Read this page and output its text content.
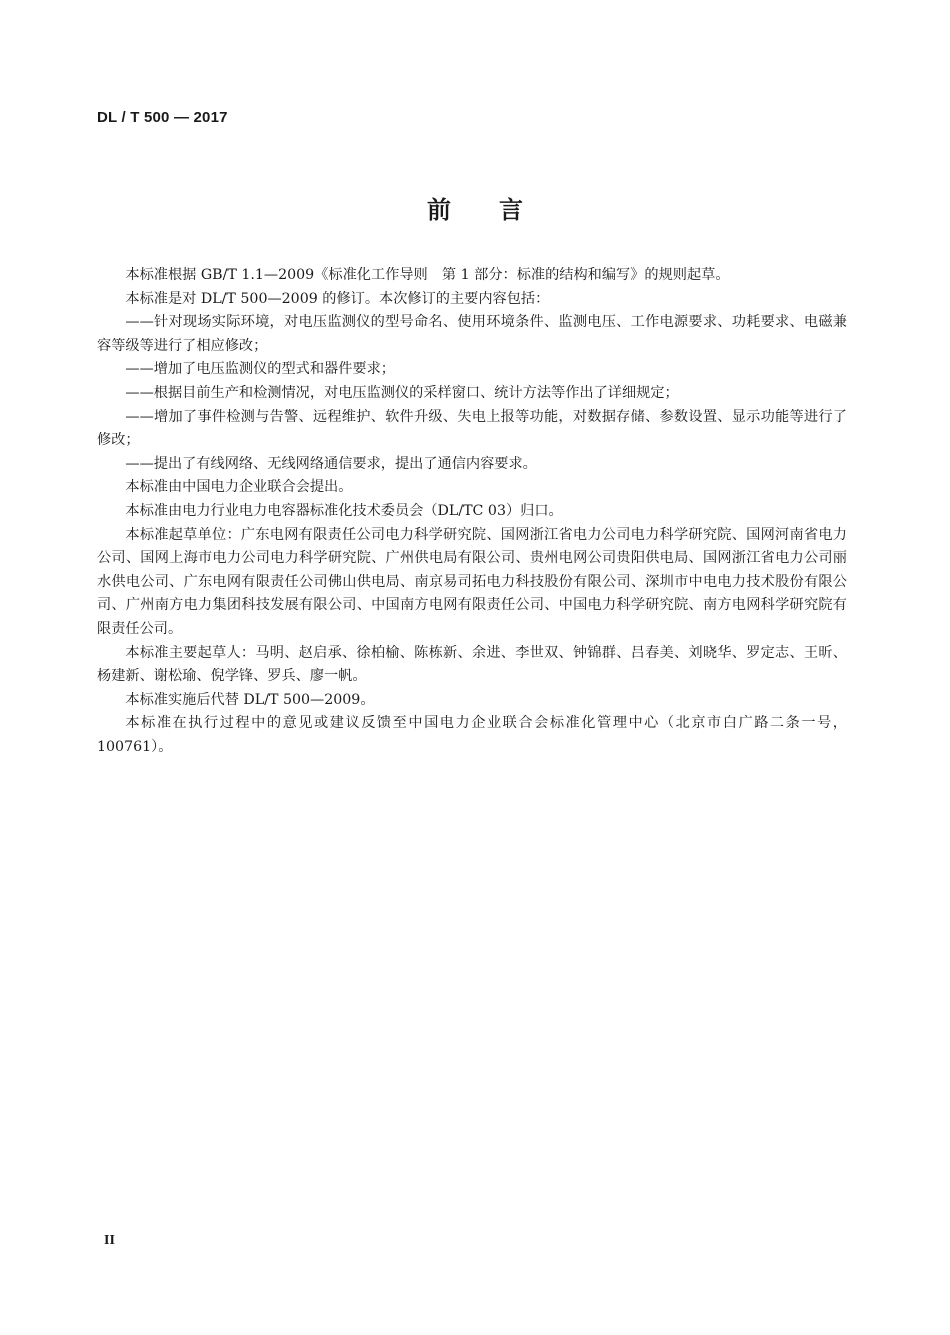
DL / T 500 — 2017
前言

本标准根据 GB/T 1.1—2009《标准化工作导则　第 1 部分：标准的结构和编写》的规则起草。

本标准是对 DL/T 500—2009 的修订。本次修订的主要内容包括：

——针对现场实际环境，对电压监测仪的型号命名、使用环境条件、监测电压、工作电源要求、功耗要求、电磁兼容等级等进行了相应修改；

——增加了电压监测仪的型式和器件要求；

——根据目前生产和检测情况，对电压监测仪的采样窗口、统计方法等作出了详细规定；

——增加了事件检测与告警、远程维护、软件升级、失电上报等功能，对数据存储、参数设置、显示功能等进行了修改；

——提出了有线网络、无线网络通信要求，提出了通信内容要求。

本标准由中国电力企业联合会提出。

本标准由电力行业电力电容器标准化技术委员会（DL/TC 03）归口。

本标准起草单位：广东电网有限责任公司电力科学研究院、国网浙江省电力公司电力科学研究院、国网河南省电力公司、国网上海市电力公司电力科学研究院、广州供电局有限公司、贵州电网公司贵阳供电局、国网浙江省电力公司丽水供电公司、广东电网有限责任公司佛山供电局、南京易司拓电力科技股份有限公司、深圳市中电电力技术股份有限公司、广州南方电力集团科技发展有限公司、中国南方电网有限责任公司、中国电力科学研究院、南方电网科学研究院有限责任公司。

本标准主要起草人：马明、赵启承、徐柏榆、陈栋新、余进、李世双、钟锦群、吕春美、刘晓华、罗定志、王昕、杨建新、谢松瑜、倪学锋、罗兵、廖一帆。

本标准实施后代替 DL/T 500—2009。

本标准在执行过程中的意见或建议反馈至中国电力企业联合会标准化管理中心（北京市白广路二条一号，100761）。

II
